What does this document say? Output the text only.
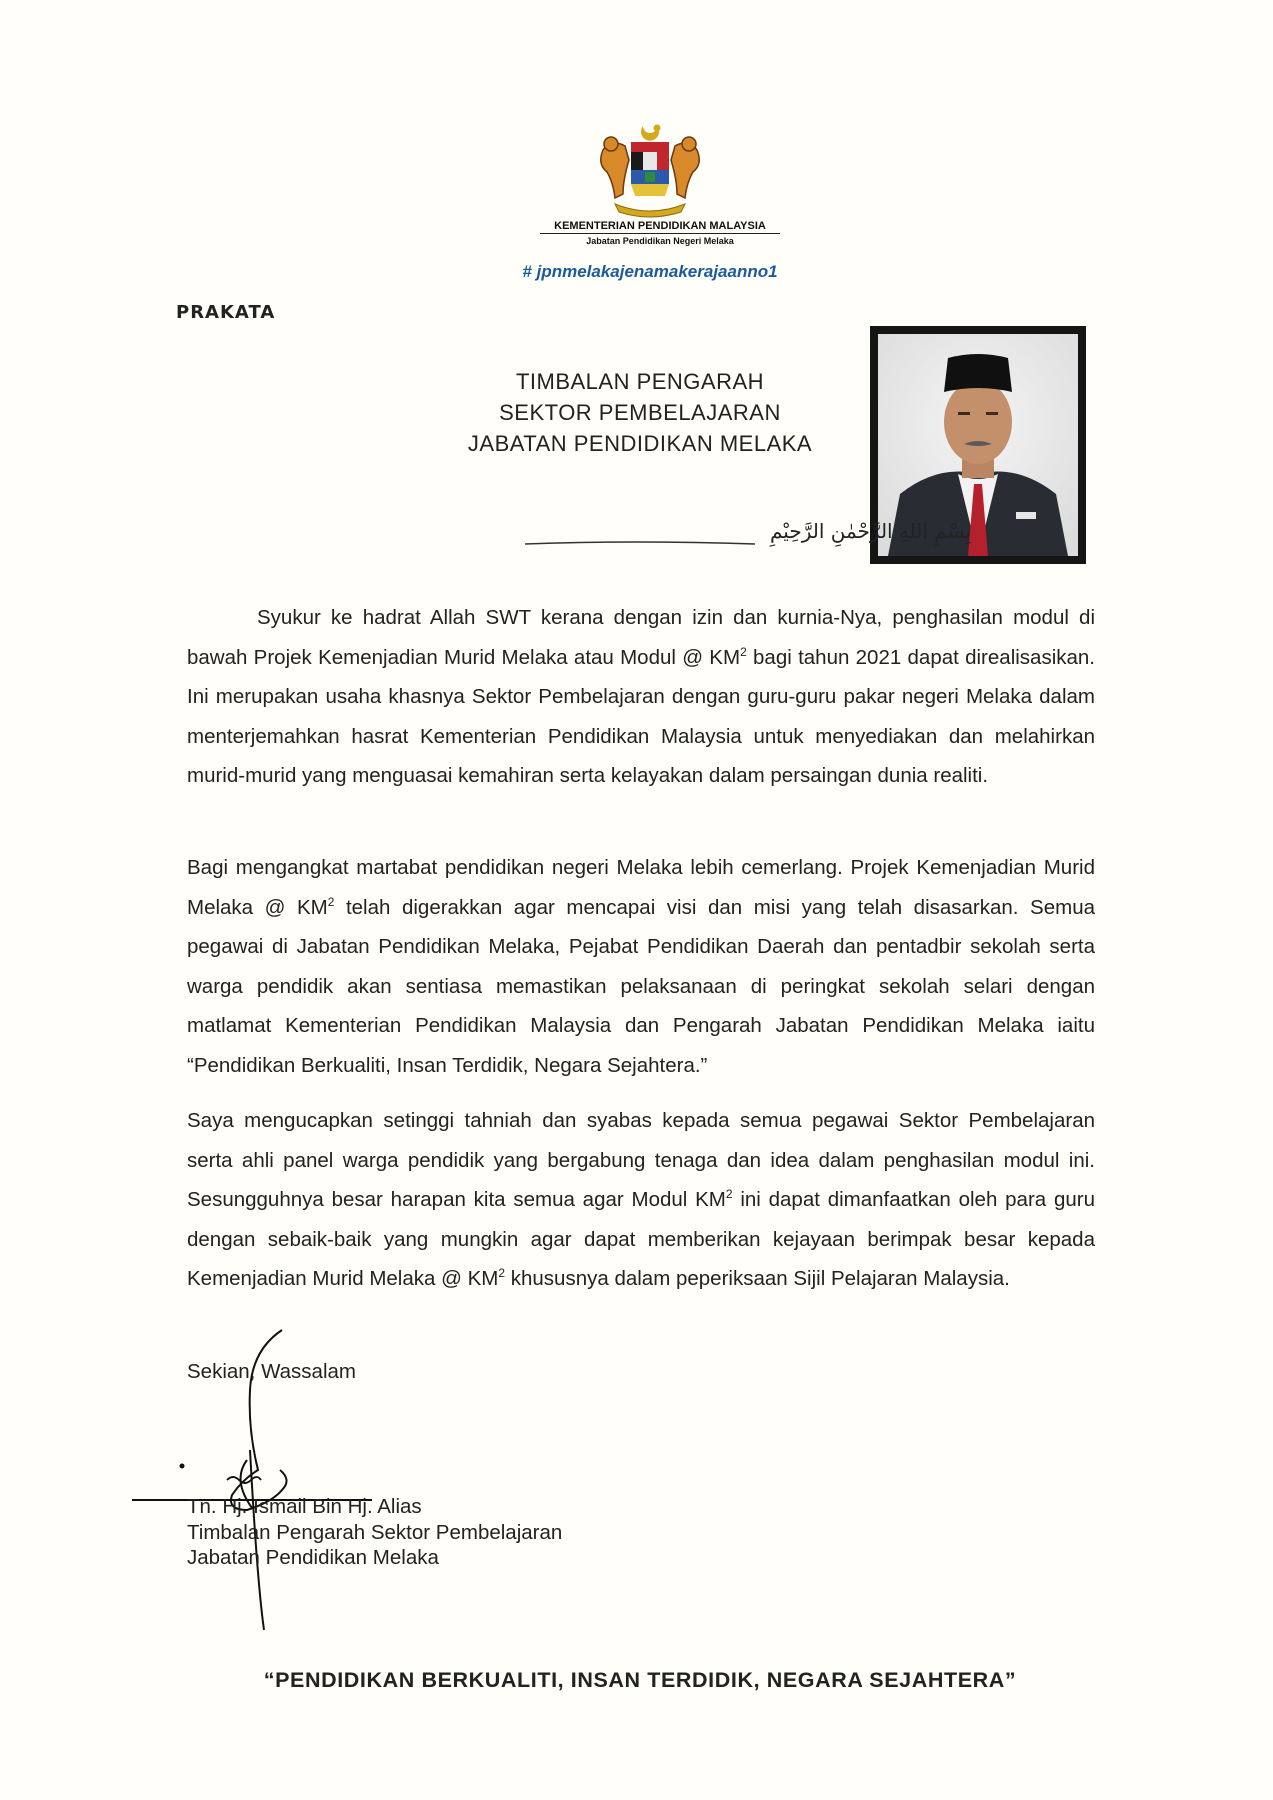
KEMENTERIAN PENDIDIKAN MALAYSIA
Jabatan Pendidikan Negeri Melaka
# jpnmelakajenamakerajaanno1
PRAKATA
TIMBALAN PENGARAH
SEKTOR PEMBELAJARAN
JABATAN PENDIDIKAN MELAKA
بِسْمِ اللهِ الرَّحْمٰنِ الرَّحِيْمِ

Syukur ke hadrat Allah SWT kerana dengan izin dan kurnia-Nya, penghasilan modul di bawah Projek Kemenjadian Murid Melaka atau Modul @ $KM^2$ bagi tahun 2021 dapat direalisasikan. Ini merupakan usaha khasnya Sektor Pembelajaran dengan guru-guru pakar negeri Melaka dalam menterjemahkan hasrat Kementerian Pendidikan Malaysia untuk menyediakan dan melahirkan murid-murid yang menguasai kemahiran serta kelayakan dalam persaingan dunia realiti.

Bagi mengangkat martabat pendidikan negeri Melaka lebih cemerlang. Projek Kemenjadian Murid Melaka @ $KM^2$ telah digerakkan agar mencapai visi dan misi yang telah disasarkan. Semua pegawai di Jabatan Pendidikan Melaka, Pejabat Pendidikan Daerah dan pentadbir sekolah serta warga pendidik akan sentiasa memastikan pelaksanaan di peringkat sekolah selari dengan matlamat Kementerian Pendidikan Malaysia dan Pengarah Jabatan Pendidikan Melaka iaitu “Pendidikan Berkualiti, Insan Terdidik, Negara Sejahtera.”

Saya mengucapkan setinggi tahniah dan syabas kepada semua pegawai Sektor Pembelajaran serta ahli panel warga pendidik yang bergabung tenaga dan idea dalam penghasilan modul ini. Sesungguhnya besar harapan kita semua agar Modul $KM^2$ ini dapat dimanfaatkan oleh para guru dengan sebaik-baik yang mungkin agar dapat memberikan kejayaan berimpak besar kepada Kemenjadian Murid Melaka @ $KM^2$ khususnya dalam peperiksaan Sijil Pelajaran Malaysia.

Sekian, Wassalam
Tn. Hj. Ismail Bin Hj. Alias
Timbalan Pengarah Sektor Pembelajaran
Jabatan Pendidikan Melaka
“PENDIDIKAN BERKUALITI, INSAN TERDIDIK, NEGARA SEJAHTERA”
